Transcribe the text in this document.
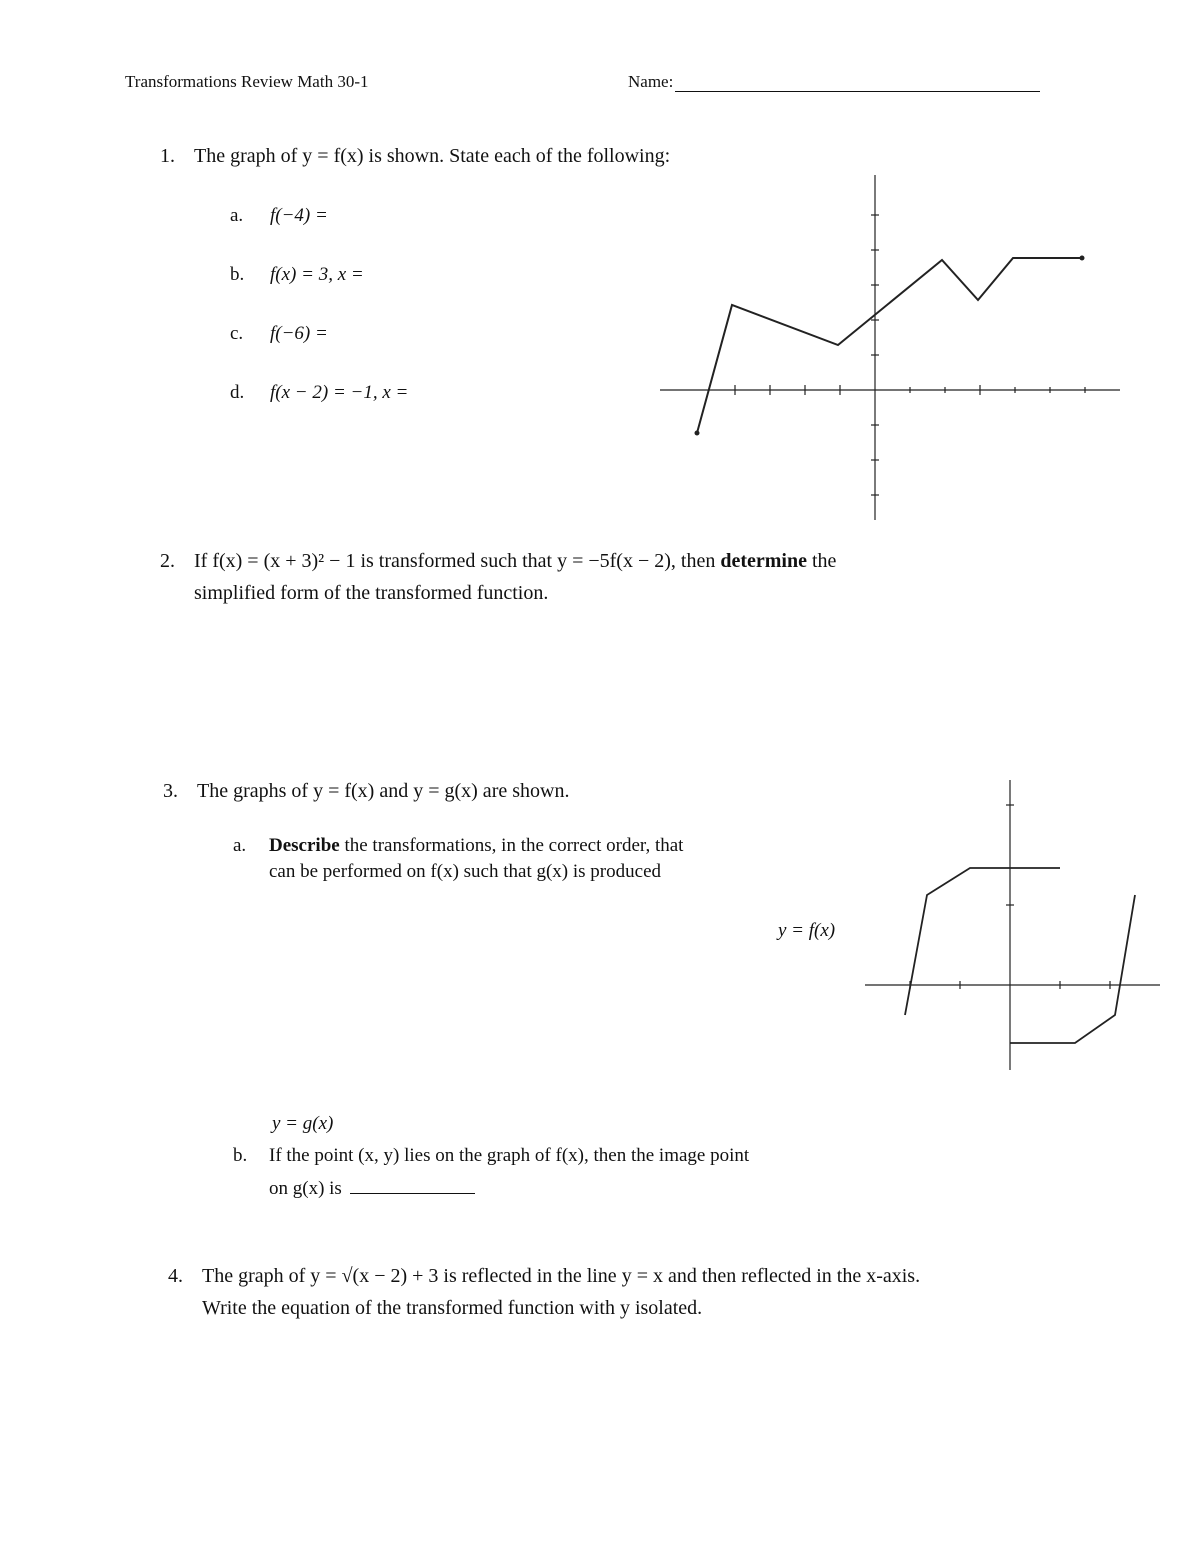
Transformations Review Math 30-1	Name:
1. The graph of y = f(x) is shown. State each of the following:
a. f(−4) =
b. f(x) = 3, x =
c. f(−6) =
d. f(x − 2) = −1, x =
2. If f(x) = (x + 3)² − 1 is transformed such that y = −5f(x − 2), then determine the
simplified form of the transformed function.
3. The graphs of y = f(x) and y = g(x) are shown.
a. Describe the transformations, in the correct order, that
can be performed on f(x) such that g(x) is produced
y = f(x)
y = g(x)
b. If the point (x, y) lies on the graph of f(x), then the image point
on g(x) is
4. The graph of y = √(x − 2) + 3 is reflected in the line y = x and then reflected in the x-axis.
Write the equation of the transformed function with y isolated.
